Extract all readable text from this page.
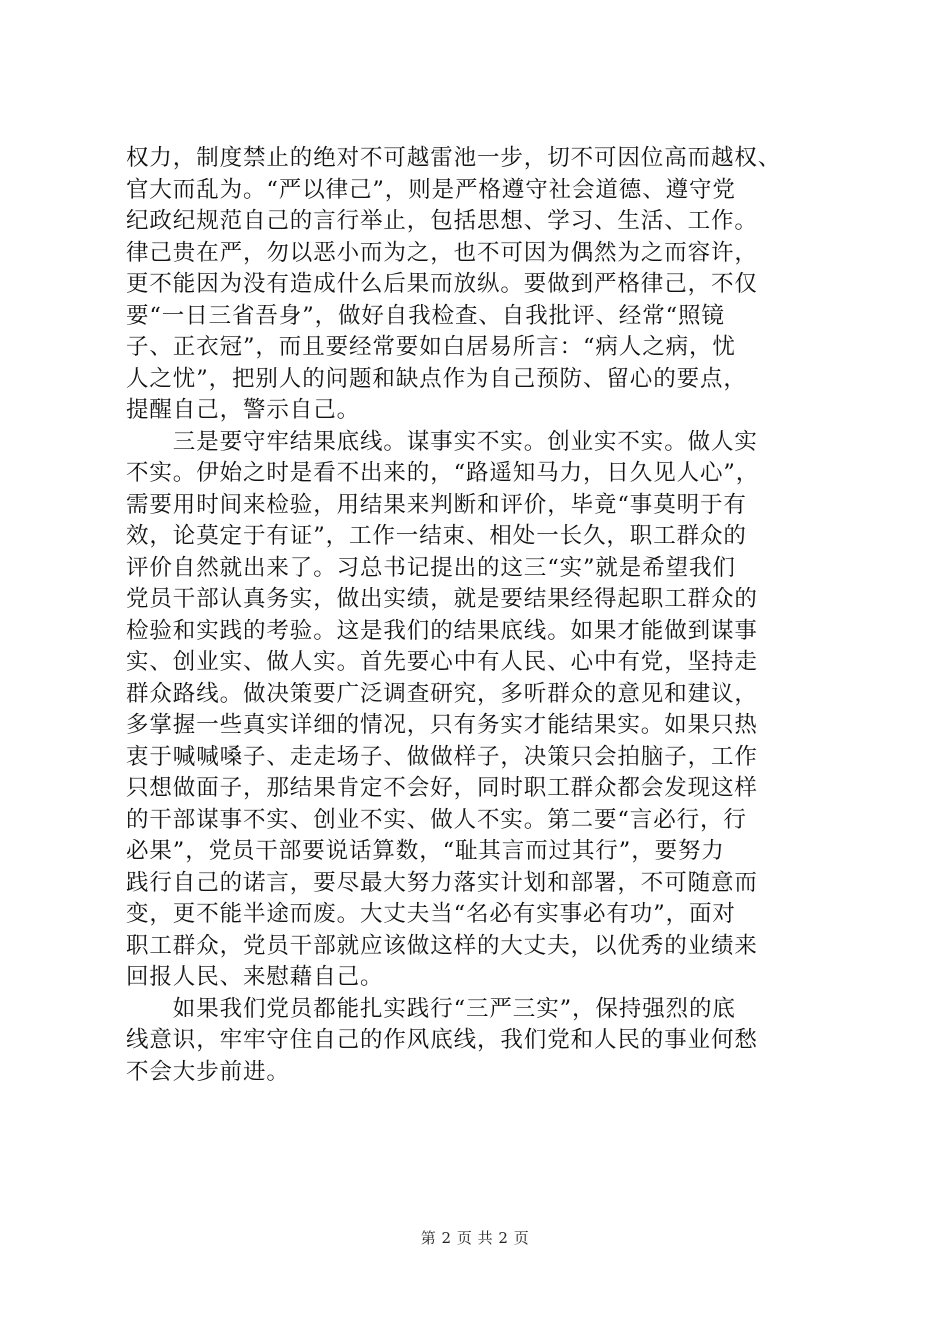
权力，制度禁止的绝对不可越雷池一步，切不可因位高而越权、
官大而乱为。“严以律己”，则是严格遵守社会道德、遵守党
纪政纪规范自己的言行举止，包括思想、学习、生活、工作。
律己贵在严，勿以恶小而为之，也不可因为偶然为之而容许，
更不能因为没有造成什么后果而放纵。要做到严格律己，不仅
要“一日三省吾身”，做好自我检查、自我批评、经常“照镜
子、正衣冠”，而且要经常要如白居易所言：“病人之病，忧
人之忧”，把别人的问题和缺点作为自己预防、留心的要点，
提醒自己，警示自己。
　　三是要守牢结果底线。谋事实不实。创业实不实。做人实
不实。伊始之时是看不出来的，“路遥知马力，日久见人心”，
需要用时间来检验，用结果来判断和评价，毕竟“事莫明于有
效，论莫定于有证”，工作一结束、相处一长久，职工群众的
评价自然就出来了。习总书记提出的这三“实”就是希望我们
党员干部认真务实，做出实绩，就是要结果经得起职工群众的
检验和实践的考验。这是我们的结果底线。如果才能做到谋事
实、创业实、做人实。首先要心中有人民、心中有党，坚持走
群众路线。做决策要广泛调查研究，多听群众的意见和建议，
多掌握一些真实详细的情况，只有务实才能结果实。如果只热
衷于喊喊嗓子、走走场子、做做样子，决策只会拍脑子，工作
只想做面子，那结果肯定不会好，同时职工群众都会发现这样
的干部谋事不实、创业不实、做人不实。第二要“言必行，行
必果”，党员干部要说话算数，“耻其言而过其行”，要努力
践行自己的诺言，要尽最大努力落实计划和部署，不可随意而
变，更不能半途而废。大丈夫当“名必有实事必有功”，面对
职工群众，党员干部就应该做这样的大丈夫，以优秀的业绩来
回报人民、来慰藉自己。
　　如果我们党员都能扎实践行“三严三实”，保持强烈的底
线意识，牢牢守住自己的作风底线，我们党和人民的事业何愁
不会大步前进。
第 2 页 共 2 页
